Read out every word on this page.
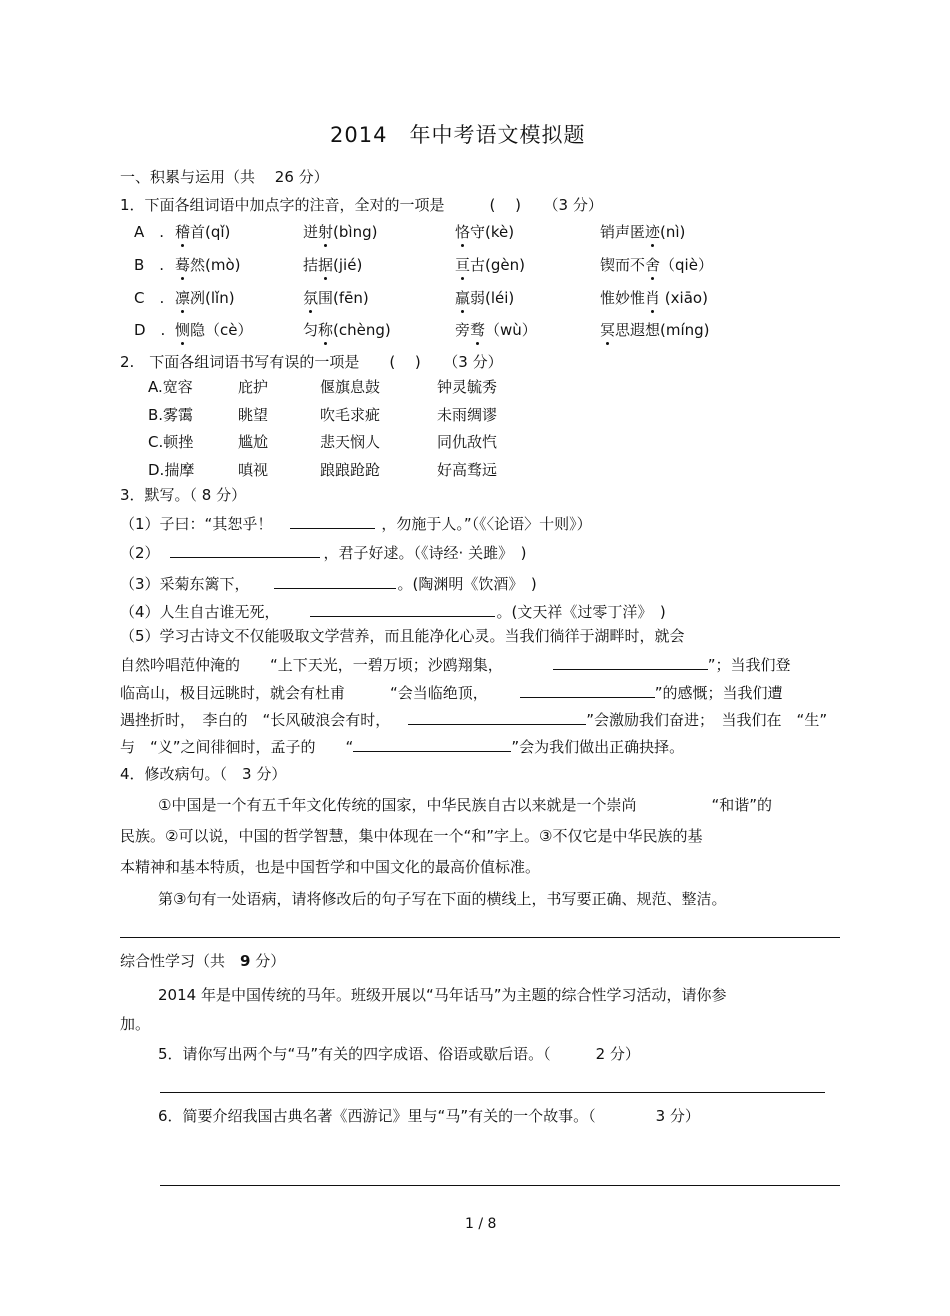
2014　年中考语文模拟题
一、积累与运用（共　 26 分）
1．下面各组词语中加点字的注音，全对的一项是　　　(　 )　　（3 分）
A　. 稽首(qǐ)	迸射(bìng)	恪守(kè)	销声匿迹(nì)
B　. 蓦然(mò)	拮据(jié)	亘古(gèn)	锲而不舍（qiè）
C　. 凛冽(lǐn)	氛围(fēn)	羸弱(léi)	惟妙惟肖 (xiāo)
D　. 恻隐（cè）	匀称(chèng)	旁骛（wù）	冥思遐想(míng)
2.　下面各组词语书写有误的一项是　　(　 )　　（3 分）
A.宽容	庇护	偃旗息鼓	钟灵毓秀
B.雾霭	眺望	吹毛求疵	未雨绸谬
C.顿挫	尴尬	悲天悯人	同仇敌忾
D.揣摩	嗔视	踉踉跄跄	好高骛远
3．默写。（ 8 分）
（1）子曰：“其恕乎！	，勿施于人。”（《〈论语〉十则》）
（2）	，君子好逑。（《诗经· 关雎》　)
（3）采菊东篱下，	。(陶渊明《饮酒》　)
（4）人生自古谁无死，	。(文天祥《过零丁洋》　)
（5）学习古诗文不仅能吸取文学营养，而且能净化心灵。当我们徜徉于湖畔时，就会
自然吟唱范仲淹的　　“上下天光，一碧万顷；沙鸥翔集，	”；当我们登
临高山，极目远眺时，就会有杜甫　　　“会当临绝顶，	”的感慨；当我们遭
遇挫折时，　李白的　“长风破浪会有时，	”会激励我们奋进；　当我们在　“生”
与　“义”之间徘徊时，孟子的　　“	”会为我们做出正确抉择。
4．修改病句。（　3 分）
①中国是一个有五千年文化传统的国家，中华民族自古以来就是一个崇尚　　　　　“和谐”的
民族。②可以说，中国的哲学智慧，集中体现在一个“和”字上。③不仅它是中华民族的基
本精神和基本特质，也是中国哲学和中国文化的最高价值标准。
第③句有一处语病，请将修改后的句子写在下面的横线上，书写要正确、规范、整洁。
综合性学习（共　9 分）
2014 年是中国传统的马年。班级开展以“马年话马”为主题的综合性学习活动，请你参
加。
5．请你写出两个与“马”有关的四字成语、俗语或歇后语。（　　　2 分）
6．简要介绍我国古典名著《西游记》里与“马”有关的一个故事。（　　　　3 分）
1 / 8
